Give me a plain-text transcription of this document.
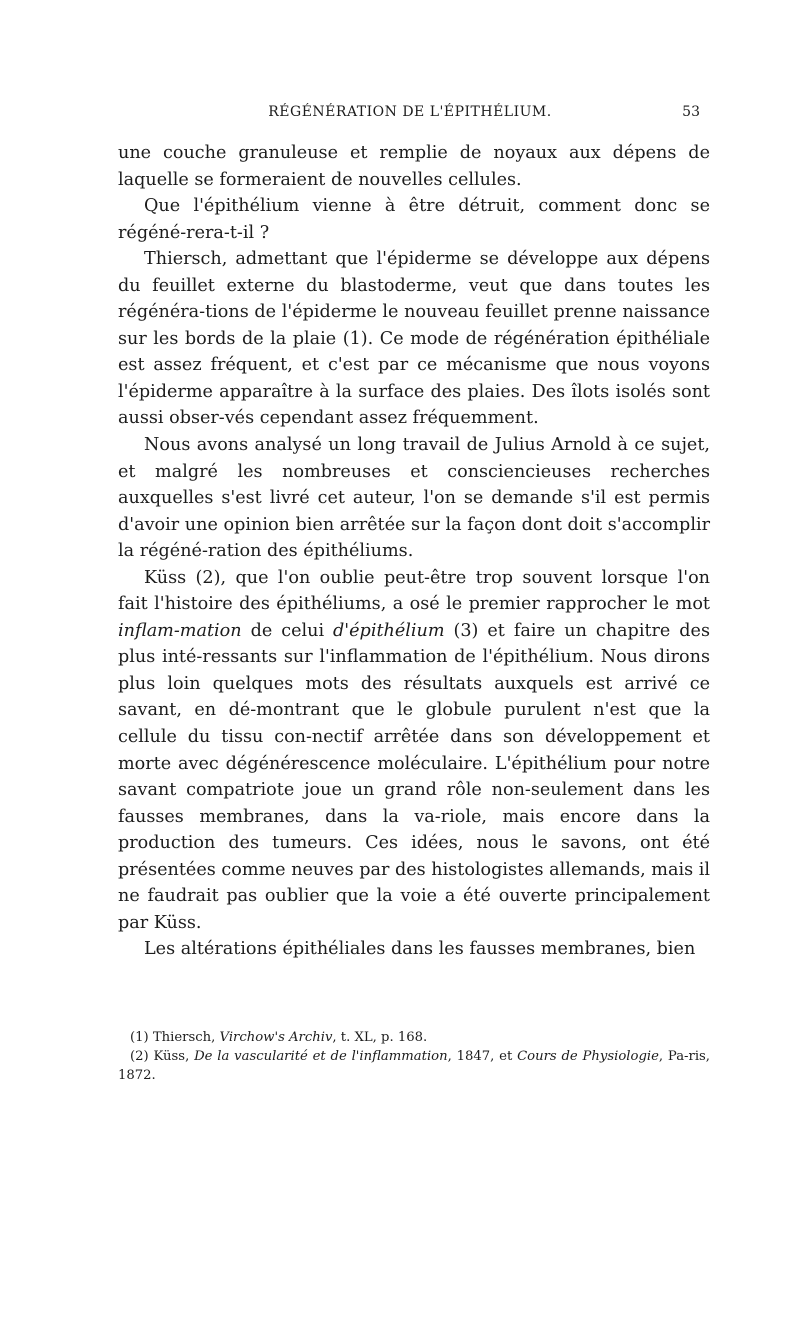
RÉGÉNÉRATION DE L'ÉPITHÉLIUM.	53

une couche granuleuse et remplie de noyaux aux dépens de laquelle se formeraient de nouvelles cellules.

Que l'épithélium vienne à être détruit, comment donc se régéné-rera-t-il ?

Thiersch, admettant que l'épiderme se développe aux dépens du feuillet externe du blastoderme, veut que dans toutes les régénéra-tions de l'épiderme le nouveau feuillet prenne naissance sur les bords de la plaie (1). Ce mode de régénération épithéliale est assez fréquent, et c'est par ce mécanisme que nous voyons l'épiderme apparaître à la surface des plaies. Des îlots isolés sont aussi obser-vés cependant assez fréquemment.

Nous avons analysé un long travail de Julius Arnold à ce sujet, et malgré les nombreuses et consciencieuses recherches auxquelles s'est livré cet auteur, l'on se demande s'il est permis d'avoir une opinion bien arrêtée sur la façon dont doit s'accomplir la régéné-ration des épithéliums.

Küss (2), que l'on oublie peut-être trop souvent lorsque l'on fait l'histoire des épithéliums, a osé le premier rapprocher le mot inflam-mation de celui d'épithélium (3) et faire un chapitre des plus inté-ressants sur l'inflammation de l'épithélium. Nous dirons plus loin quelques mots des résultats auxquels est arrivé ce savant, en dé-montrant que le globule purulent n'est que la cellule du tissu con-nectif arrêtée dans son développement et morte avec dégénérescence moléculaire. L'épithélium pour notre savant compatriote joue un grand rôle non-seulement dans les fausses membranes, dans la va-riole, mais encore dans la production des tumeurs. Ces idées, nous le savons, ont été présentées comme neuves par des histologistes allemands, mais il ne faudrait pas oublier que la voie a été ouverte principalement par Küss.

Les altérations épithéliales dans les fausses membranes, bien

(1) Thiersch, Virchow's Archiv, t. XL, p. 168.

(2) Küss, De la vascularité et de l'inflammation, 1847, et Cours de Physiologie, Pa-ris, 1872.
